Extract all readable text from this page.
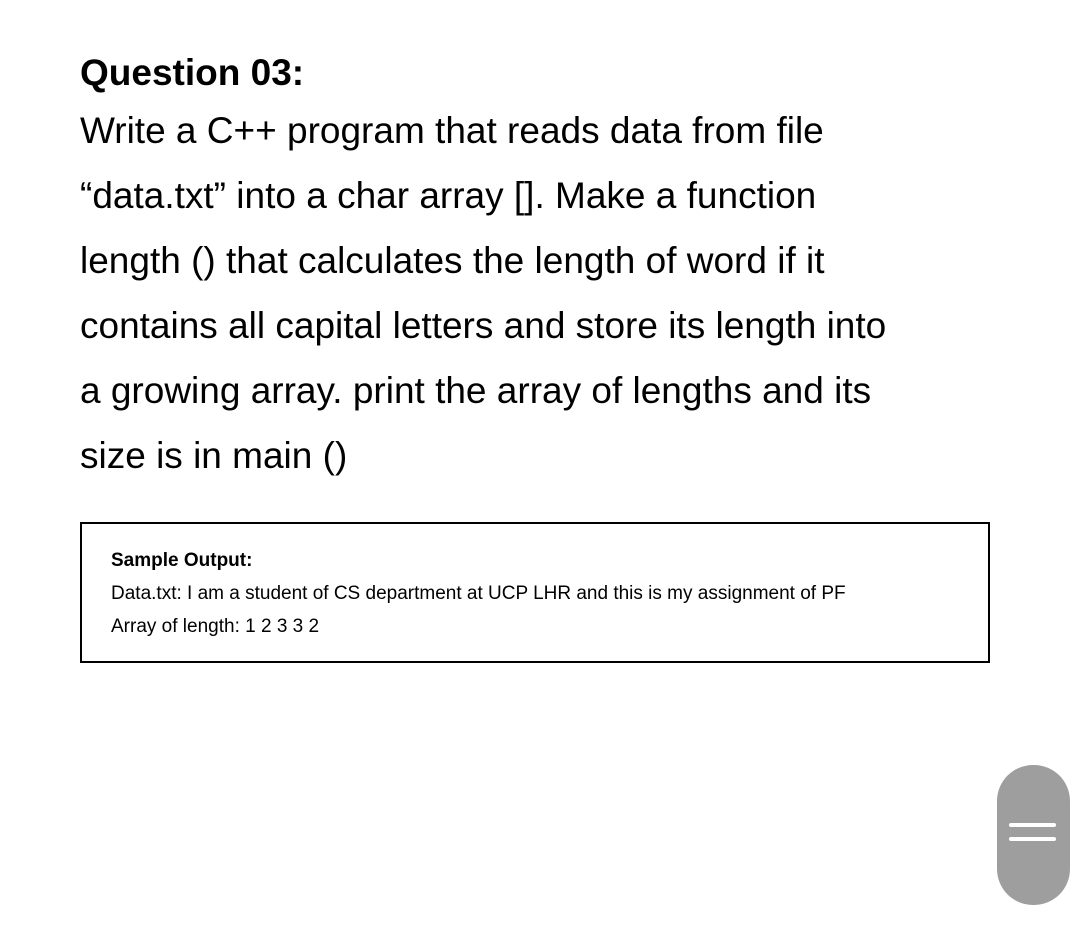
Question 03:

Write a C++ program that reads data from file
“data.txt” into a char array []. Make a function
length () that calculates the length of word if it
contains all capital letters and store its length into
a growing array. print the array of lengths and its
size is in main ()

Sample Output:
Data.txt: I am a student of CS department at UCP LHR and this is my assignment of PF
Array of length: 1 2 3 3 2
